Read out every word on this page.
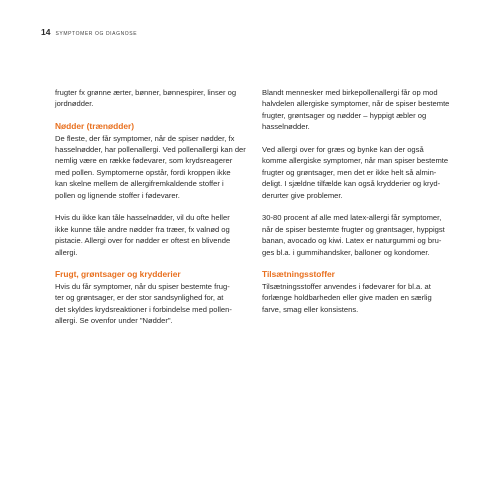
14 SYMPTOMER OG DIAGNOSE

frugter fx grønne ærter, bønner, bønnespirer, linser og
jordnødder.

Nødder (trænødder)

De fleste, der får symptomer, når de spiser nødder, fx
hasselnødder, har pollenallergi. Ved pollenallergi kan der
nemlig være en række fødevarer, som krydsreagerer
med pollen. Symptomerne opstår, fordi kroppen ikke
kan skelne mellem de allergifremkaldende stoffer i
pollen og lignende stoffer i fødevarer.

Hvis du ikke kan tåle hasselnødder, vil du ofte heller
ikke kunne tåle andre nødder fra træer, fx valnød og
pistacie. Allergi over for nødder er oftest en blivende
allergi.

Frugt, grøntsager og krydderier

Hvis du får symptomer, når du spiser bestemte frug-
ter og grøntsager, er der stor sandsynlighed for, at
det skyldes krydsreaktioner i forbindelse med pollen-
allergi. Se ovenfor under "Nødder".

Blandt mennesker med birkepollenallergi får op mod
halvdelen allergiske symptomer, når de spiser bestemte
frugter, grøntsager og nødder – hyppigt æbler og
hasselnødder.

Ved allergi over for græs og bynke kan der også
komme allergiske symptomer, når man spiser bestemte
frugter og grøntsager, men det er ikke helt så almin-
deligt. I sjældne tilfælde kan også krydderier og kryd-
derurter give problemer.

30-80 procent af alle med latex-allergi får symptomer,
når de spiser bestemte frugter og grøntsager, hyppigst
banan, avocado og kiwi. Latex er naturgummi og bru-
ges bl.a. i gummihandsker, balloner og kondomer.

Tilsætningsstoffer

Tilsætningsstoffer anvendes i fødevarer for bl.a. at
forlænge holdbarheden eller give maden en særlig
farve, smag eller konsistens.
